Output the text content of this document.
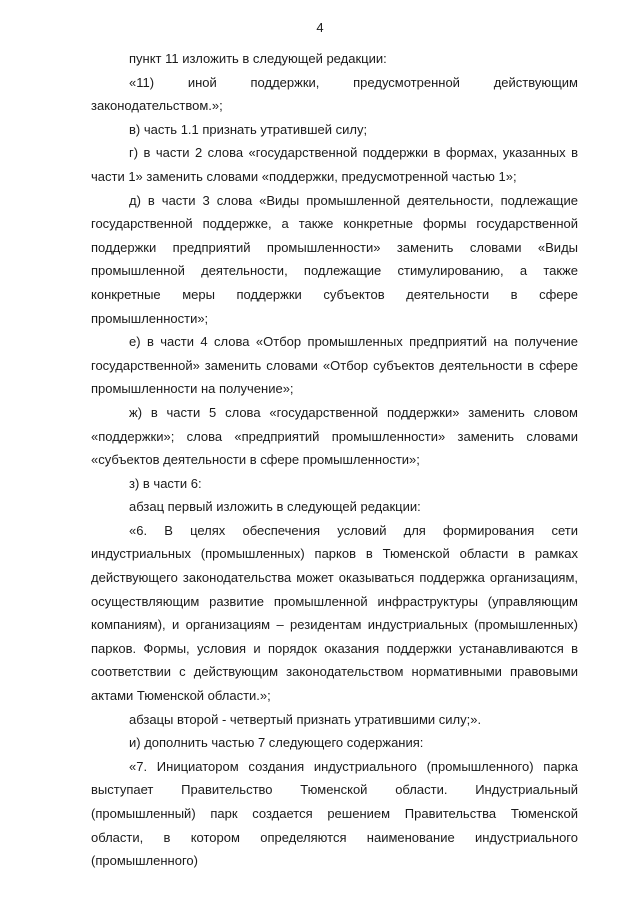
4

пункт 11 изложить в следующей редакции:

«11) иной поддержки, предусмотренной действующим законодательством.»;

в) часть 1.1 признать утратившей силу;

г) в части 2 слова «государственной поддержки в формах, указанных в части 1» заменить словами «поддержки, предусмотренной частью 1»;

д) в части 3 слова «Виды промышленной деятельности, подлежащие государственной поддержке, а также конкретные формы государственной поддержки предприятий промышленности» заменить словами «Виды промышленной деятельности, подлежащие стимулированию, а также конкретные меры поддержки субъектов деятельности в сфере промышленности»;

е) в части 4 слова «Отбор промышленных предприятий на получение государственной» заменить словами «Отбор субъектов деятельности в сфере промышленности на получение»;

ж) в части 5 слова «государственной поддержки» заменить словом «поддержки»; слова «предприятий промышленности» заменить словами «субъектов деятельности в сфере промышленности»;

з) в части 6:

абзац первый изложить в следующей редакции:

«6. В целях обеспечения условий для формирования сети индустриальных (промышленных) парков в Тюменской области в рамках действующего законодательства может оказываться поддержка организациям, осуществляющим развитие промышленной инфраструктуры (управляющим компаниям), и организациям – резидентам индустриальных (промышленных) парков. Формы, условия и порядок оказания поддержки устанавливаются в соответствии с действующим законодательством нормативными правовыми актами Тюменской области.»;

абзацы второй - четвертый признать утратившими силу;».

и) дополнить частью 7 следующего содержания:

«7. Инициатором создания индустриального (промышленного) парка выступает Правительство Тюменской области. Индустриальный (промышленный) парк создается решением Правительства Тюменской области, в котором определяются наименование индустриального (промышленного)
